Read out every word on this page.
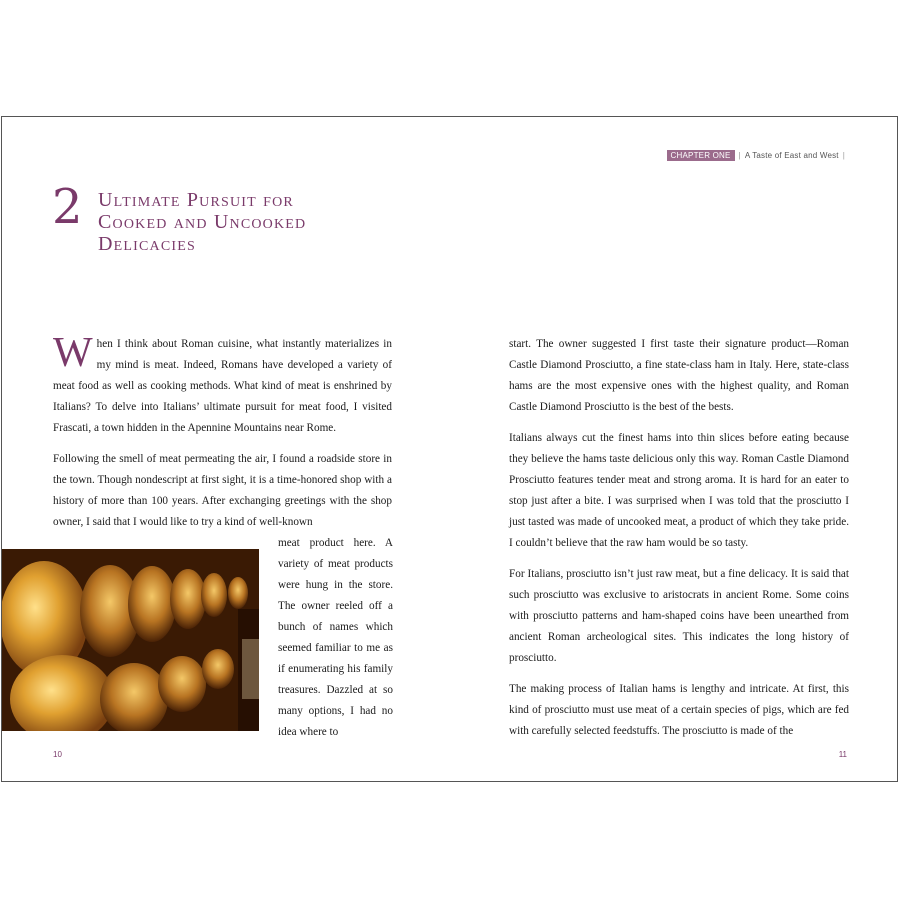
CHAPTER ONE	| A Taste of East and West |
2 Ultimate Pursuit for
Cooked and Uncooked
Delicacies

When I think about Roman cuisine, what instantly materializes in my mind is meat. Indeed, Romans have developed a variety of meat food as well as cooking methods. What kind of meat is enshrined by Italians? To delve into Italians’ ultimate pursuit for meat food, I visited Frascati, a town hidden in the Apennine Mountains near Rome.

Following the smell of meat permeating the air, I found a roadside store in the town. Though nondescript at first sight, it is a time-honored shop with a history of more than 100 years. After exchanging greetings with the shop owner, I said that I would like to try a kind of well-known

meat product here. A variety of meat products were hung in the store. The owner reeled off a bunch of names which seemed familiar to me as if enumerating his family treasures. Dazzled at so many options, I had no idea where to

start. The owner suggested I first taste their signature product—Roman Castle Diamond Prosciutto, a fine state-class ham in Italy. Here, state-class hams are the most expensive ones with the highest quality, and Roman Castle Diamond Prosciutto is the best of the bests.

Italians always cut the finest hams into thin slices before eating because they believe the hams taste delicious only this way. Roman Castle Diamond Prosciutto features tender meat and strong aroma. It is hard for an eater to stop just after a bite. I was surprised when I was told that the prosciutto I just tasted was made of uncooked meat, a product of which they take pride. I couldn’t believe that the raw ham would be so tasty.

For Italians, prosciutto isn’t just raw meat, but a fine delicacy. It is said that such prosciutto was exclusive to aristocrats in ancient Rome. Some coins with prosciutto patterns and ham-shaped coins have been unearthed from ancient Roman archeological sites. This indicates the long history of prosciutto.

The making process of Italian hams is lengthy and intricate. At first, this kind of prosciutto must use meat of a certain species of pigs, which are fed with carefully selected feedstuffs. The prosciutto is made of the

10	11
